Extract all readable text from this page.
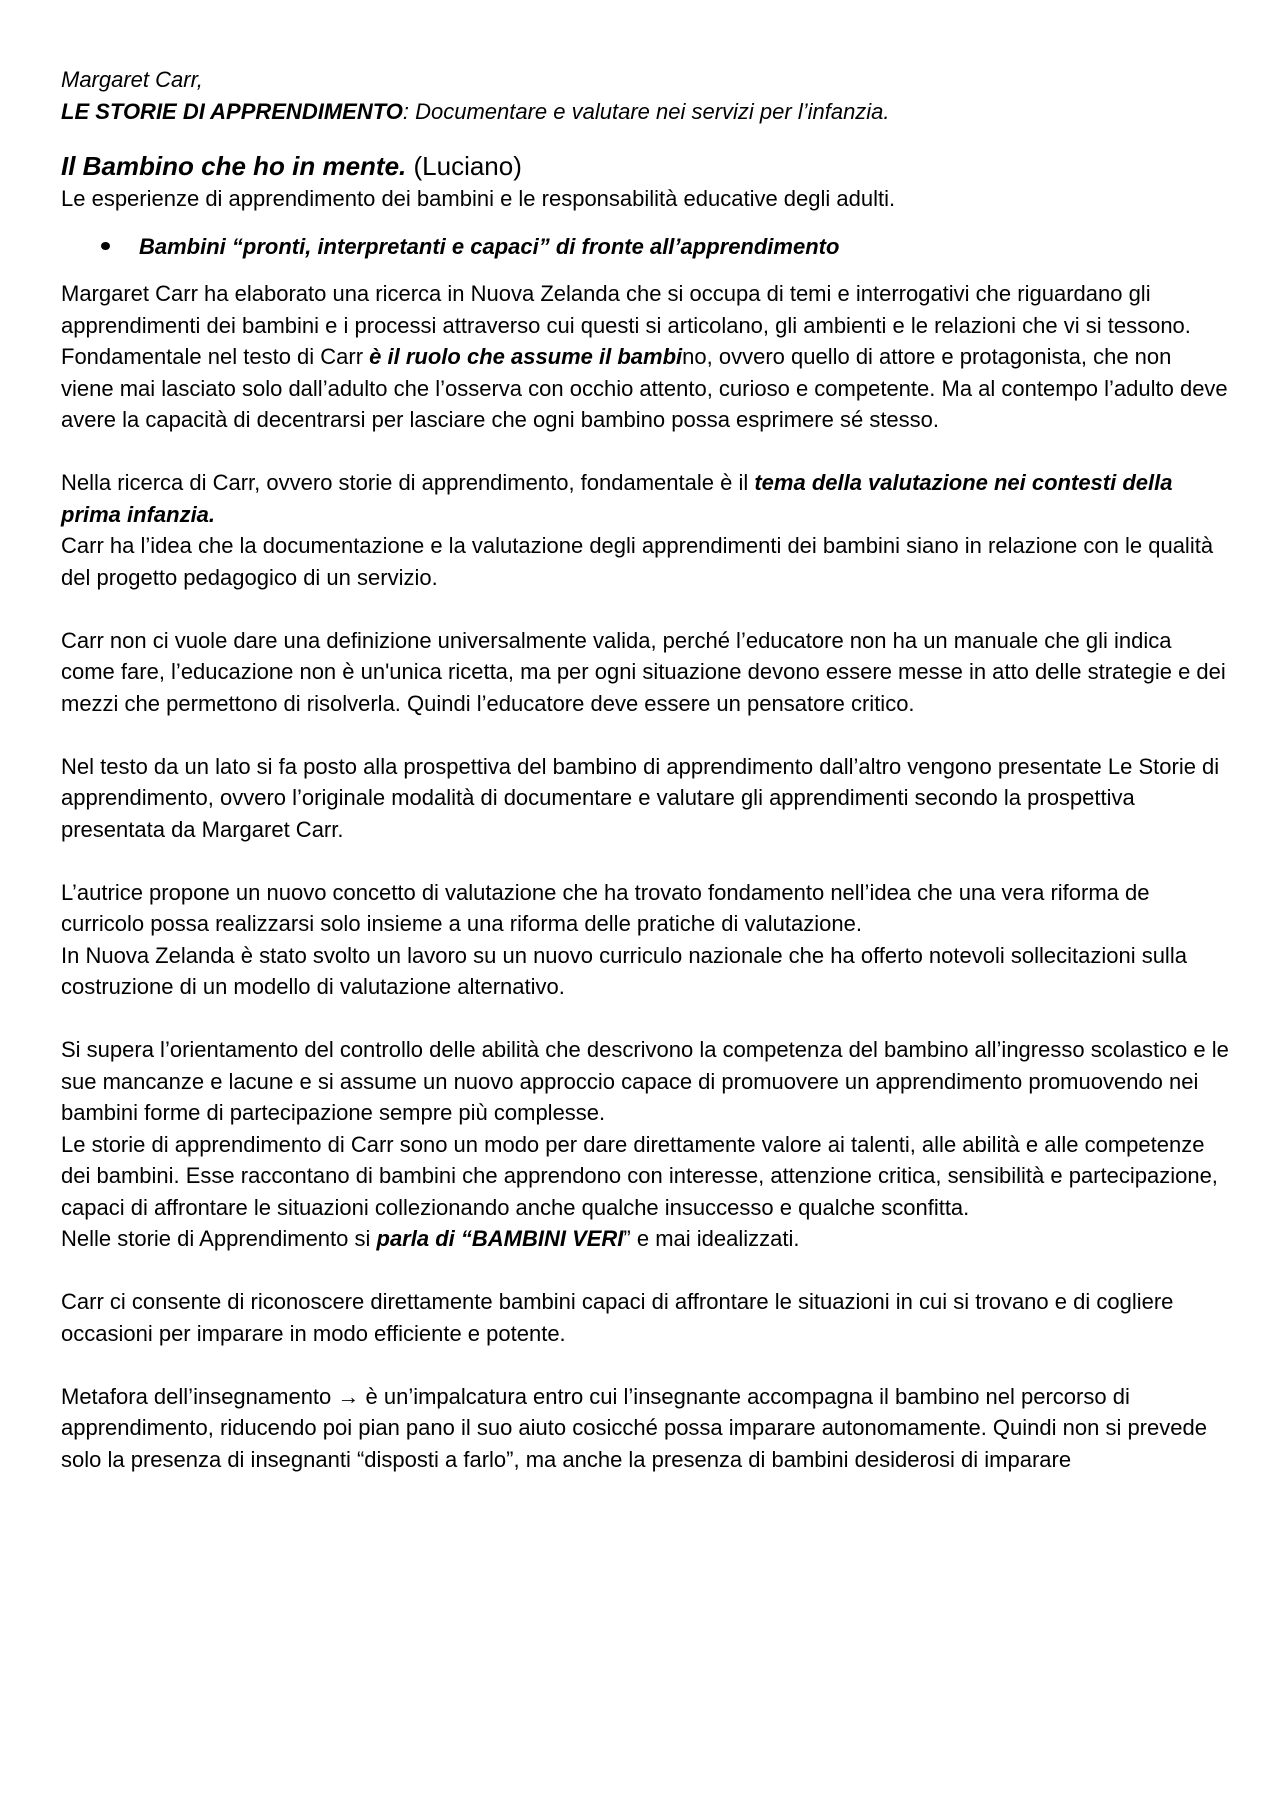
Margaret Carr,

LE STORIE DI APPRENDIMENTO: Documentare e valutare nei servizi per l’infanzia.

Il Bambino che ho in mente. (Luciano)

Le esperienze di apprendimento dei bambini e le responsabilità educative degli adulti.

Bambini “pronti, interpretanti e capaci” di fronte all’apprendimento

Margaret Carr ha elaborato una ricerca in Nuova Zelanda che si occupa di temi e interrogativi che riguardano gli apprendimenti dei bambini e i processi attraverso cui questi si articolano, gli ambienti e le relazioni che vi si tessono.

Fondamentale nel testo di Carr è il ruolo che assume il bambino, ovvero quello di attore e protagonista, che non viene mai lasciato solo dall’adulto che l’osserva con occhio attento, curioso e competente. Ma al contempo l’adulto deve avere la capacità di decentrarsi per lasciare che ogni bambino possa esprimere sé stesso.

Nella ricerca di Carr, ovvero storie di apprendimento, fondamentale è il tema della valutazione nei contesti della prima infanzia.

Carr ha l’idea che la documentazione e la valutazione degli apprendimenti dei bambini siano in relazione con le qualità del progetto pedagogico di un servizio.

Carr non ci vuole dare una definizione universalmente valida, perché l’educatore non ha un manuale che gli indica come fare, l’educazione non è un'unica ricetta, ma per ogni situazione devono essere messe in atto delle strategie e dei mezzi che permettono di risolverla. Quindi l’educatore deve essere un pensatore critico.

Nel testo da un lato si fa posto alla prospettiva del bambino di apprendimento dall’altro vengono presentate Le Storie di apprendimento, ovvero l’originale modalità di documentare e valutare gli apprendimenti secondo la prospettiva presentata da Margaret Carr.

L’autrice propone un nuovo concetto di valutazione che ha trovato fondamento nell’idea che una vera riforma de curricolo possa realizzarsi solo insieme a una riforma delle pratiche di valutazione.

In Nuova Zelanda è stato svolto un lavoro su un nuovo curriculo nazionale che ha offerto notevoli sollecitazioni sulla costruzione di un modello di valutazione alternativo.

Si supera l’orientamento del controllo delle abilità che descrivono la competenza del bambino all’ingresso scolastico e le sue mancanze e lacune e si assume un nuovo approccio capace di promuovere un apprendimento promuovendo nei bambini forme di partecipazione sempre più complesse.

Le storie di apprendimento di Carr sono un modo per dare direttamente valore ai talenti, alle abilità e alle competenze dei bambini. Esse raccontano di bambini che apprendono con interesse, attenzione critica, sensibilità e partecipazione, capaci di affrontare le situazioni collezionando anche qualche insuccesso e qualche sconfitta.

Nelle storie di Apprendimento si parla di “BAMBINI VERI” e mai idealizzati.

Carr ci consente di riconoscere direttamente bambini capaci di affrontare le situazioni in cui si trovano e di cogliere occasioni per imparare in modo efficiente e potente.

Metafora dell’insegnamento → è un’impalcatura entro cui l’insegnante accompagna il bambino nel percorso di apprendimento, riducendo poi pian pano il suo aiuto cosicché possa imparare autonomamente. Quindi non si prevede solo la presenza di insegnanti “disposti a farlo”, ma anche la presenza di bambini desiderosi di imparare
